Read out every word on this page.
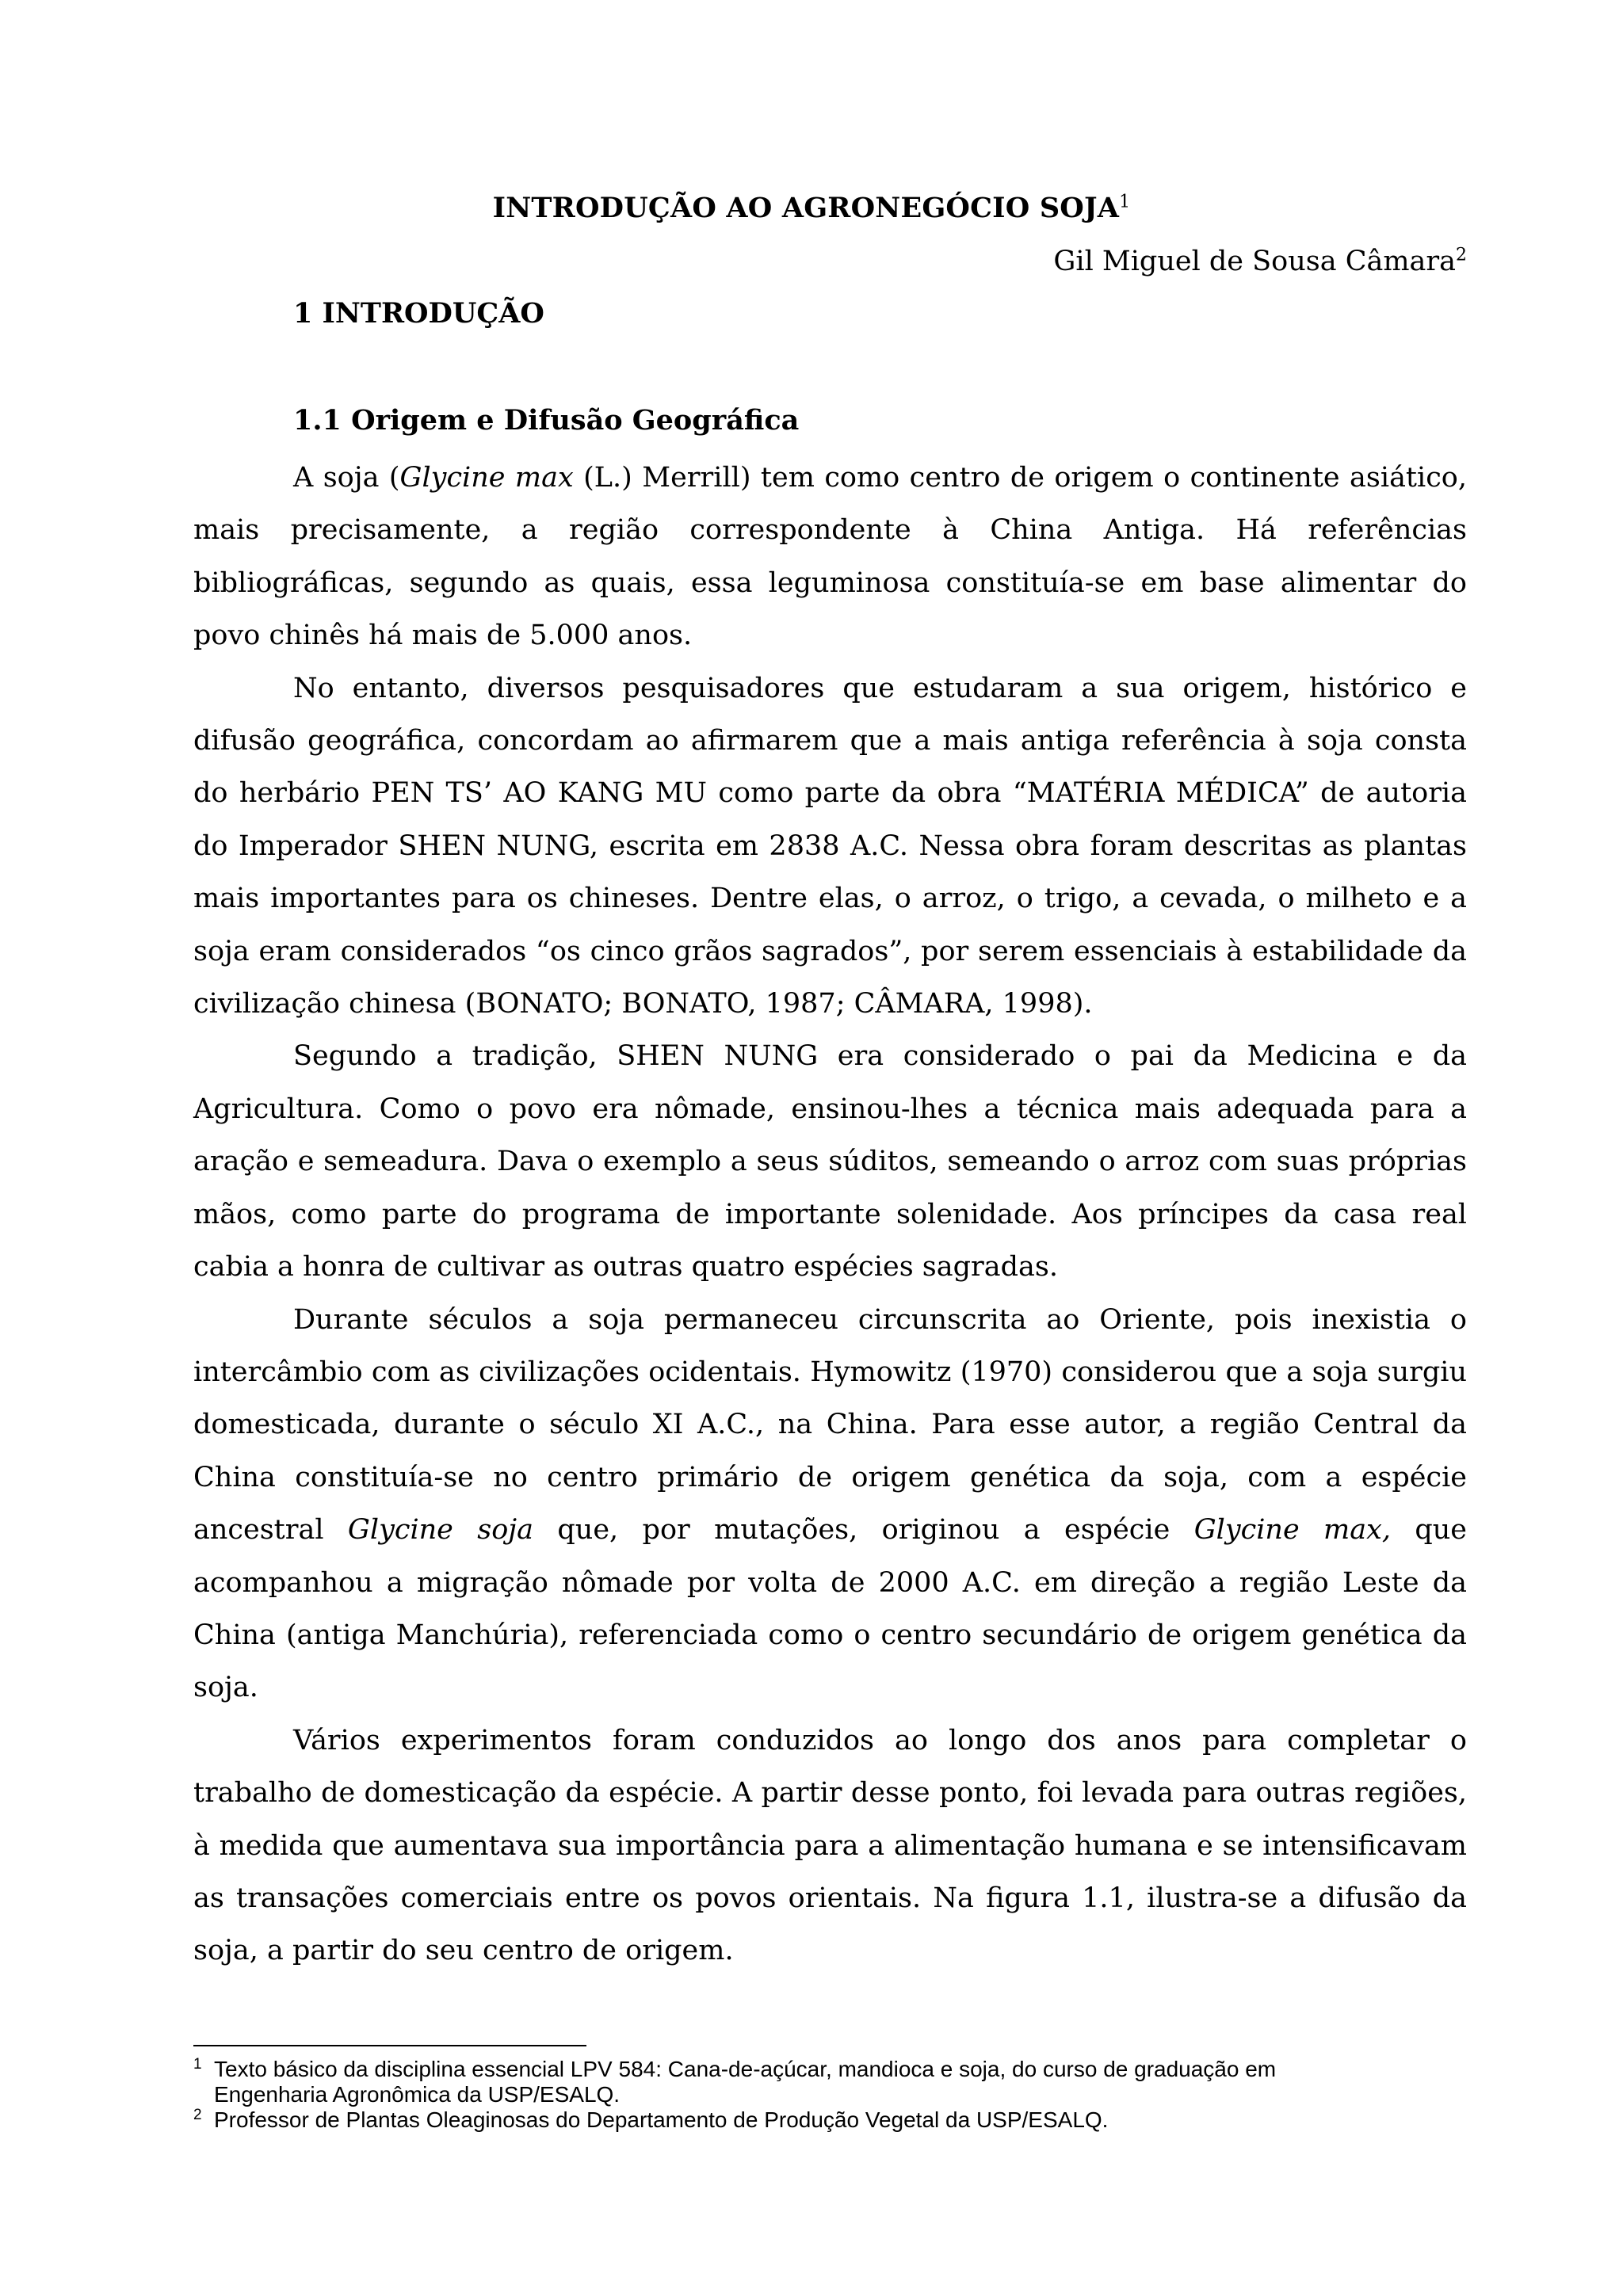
INTRODUÇÃO AO AGRONEGÓCIO SOJA$^1$
Gil Miguel de Sousa Câmara$^2$
1 INTRODUÇÃO
1.1 Origem e Difusão Geográfica

A soja (Glycine max (L.) Merrill) tem como centro de origem o continente asiático, mais precisamente, a região correspondente à China Antiga. Há referências bibliográficas, segundo as quais, essa leguminosa constituía-se em base alimentar do povo chinês há mais de 5.000 anos.

No entanto, diversos pesquisadores que estudaram a sua origem, histórico e difusão geográfica, concordam ao afirmarem que a mais antiga referência à soja consta do herbário PEN TS’ AO KANG MU como parte da obra “MATÉRIA MÉDICA” de autoria do Imperador SHEN NUNG, escrita em 2838 A.C. Nessa obra foram descritas as plantas mais importantes para os chineses. Dentre elas, o arroz, o trigo, a cevada, o milheto e a soja eram considerados “os cinco grãos sagrados”, por serem essenciais à estabilidade da civilização chinesa (BONATO; BONATO, 1987; CÂMARA, 1998).

Segundo a tradição, SHEN NUNG era considerado o pai da Medicina e da Agricultura. Como o povo era nômade, ensinou-lhes a técnica mais adequada para a aração e semeadura. Dava o exemplo a seus súditos, semeando o arroz com suas próprias mãos, como parte do programa de importante solenidade. Aos príncipes da casa real cabia a honra de cultivar as outras quatro espécies sagradas.

Durante séculos a soja permaneceu circunscrita ao Oriente, pois inexistia o intercâmbio com as civilizações ocidentais. Hymowitz (1970) considerou que a soja surgiu domesticada, durante o século XI A.C., na China. Para esse autor, a região Central da China constituía-se no centro primário de origem genética da soja, com a espécie ancestral Glycine soja que, por mutações, originou a espécie Glycine max, que acompanhou a migração nômade por volta de 2000 A.C. em direção a região Leste da China (antiga Manchúria), referenciada como o centro secundário de origem genética da soja.

Vários experimentos foram conduzidos ao longo dos anos para completar o trabalho de domesticação da espécie. A partir desse ponto, foi levada para outras regiões, à medida que aumentava sua importância para a alimentação humana e se intensificavam as transações comerciais entre os povos orientais. Na figura 1.1, ilustra-se a difusão da soja, a partir do seu centro de origem.

1 Texto básico da disciplina essencial LPV 584: Cana-de-açúcar, mandioca e soja, do curso de graduação em
Engenharia Agronômica da USP/ESALQ.
2 Professor de Plantas Oleaginosas do Departamento de Produção Vegetal da USP/ESALQ.
